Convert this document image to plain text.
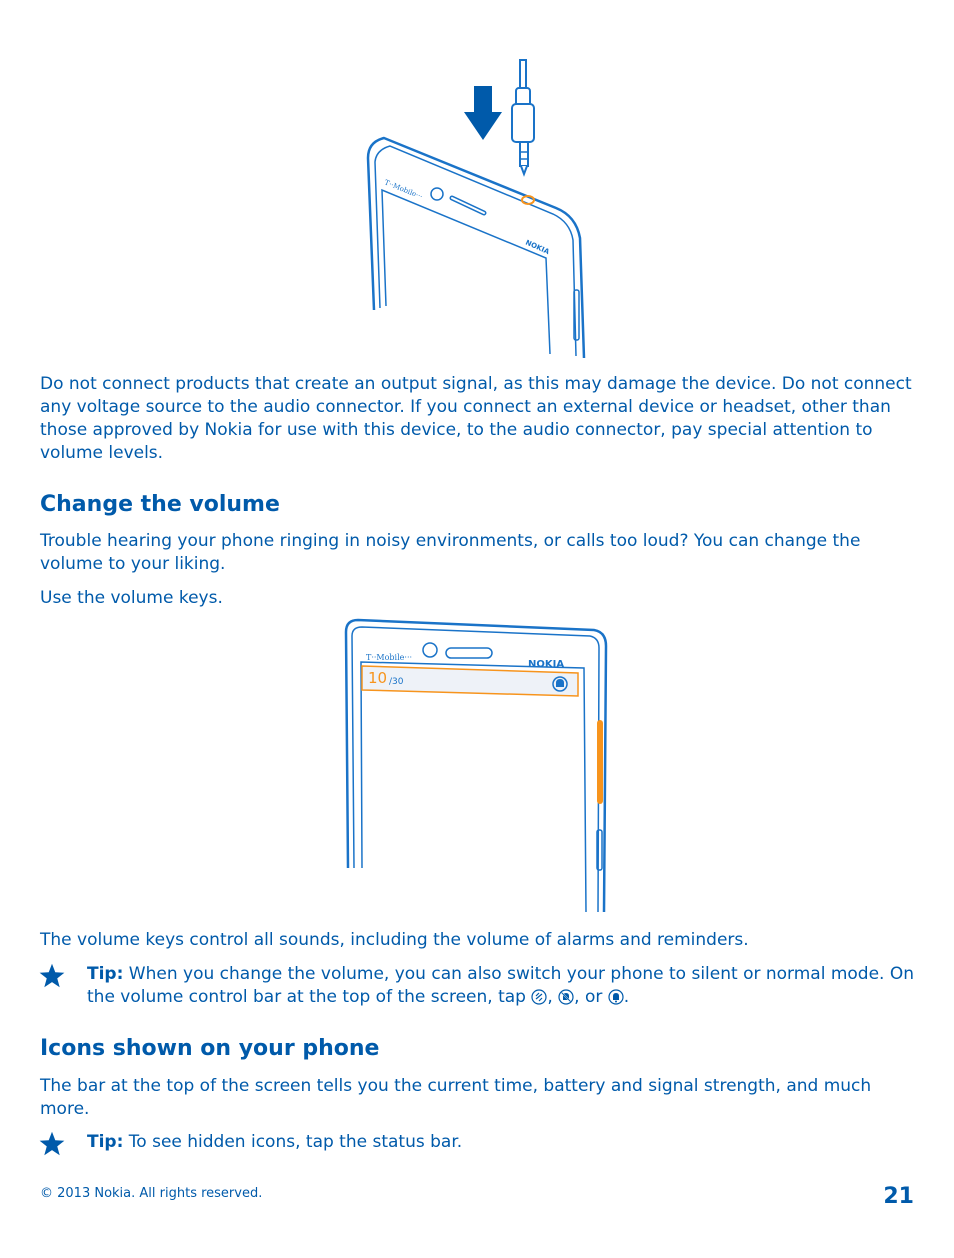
T··Mobile···
NOKIA
Do not connect products that create an output signal, as this may damage the device. Do not connect any voltage source to the audio connector. If you connect an external device or headset, other than those approved by Nokia for use with this device, to the audio connector, pay special attention to volume levels.
Change the volume
Trouble hearing your phone ringing in noisy environments, or calls too loud? You can change the volume to your liking.
Use the volume keys.
T··Mobile···
NOKIA
10 /30
The volume keys control all sounds, including the volume of alarms and reminders.
Tip: When you change the volume, you can also switch your phone to silent or normal mode. On the volume control bar at the top of the screen, tap , , or .
Icons shown on your phone
The bar at the top of the screen tells you the current time, battery and signal strength, and much more.
Tip: To see hidden icons, tap the status bar.
© 2013 Nokia. All rights reserved.	21
